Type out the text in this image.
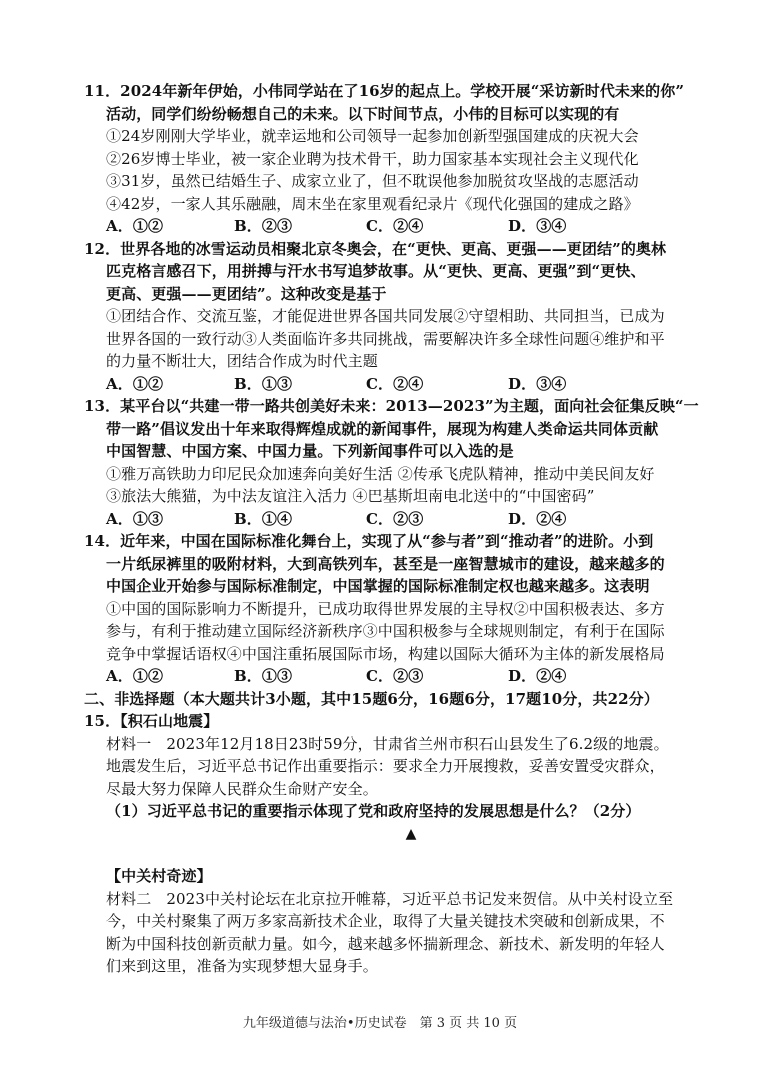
11．2024年新年伊始，小伟同学站在了16岁的起点上。学校开展“采访新时代未来的你”
活动，同学们纷纷畅想自己的未来。以下时间节点，小伟的目标可以实现的有
①24岁刚刚大学毕业，就幸运地和公司领导一起参加创新型强国建成的庆祝大会
②26岁博士毕业，被一家企业聘为技术骨干，助力国家基本实现社会主义现代化
③31岁，虽然已结婚生子、成家立业了，但不耽误他参加脱贫攻坚战的志愿活动
④42岁，一家人其乐融融，周末坐在家里观看纪录片《现代化强国的建成之路》
A．①②	B．②③	C．②④	D．③④
12．世界各地的冰雪运动员相聚北京冬奥会，在“更快、更高、更强——更团结”的奥林
匹克格言感召下，用拼搏与汗水书写追梦故事。从“更快、更高、更强”到“更快、
更高、更强——更团结”。这种改变是基于
①团结合作、交流互鉴，才能促进世界各国共同发展②守望相助、共同担当，已成为
世界各国的一致行动③人类面临许多共同挑战，需要解决许多全球性问题④维护和平
的力量不断壮大，团结合作成为时代主题
A．①②	B．①③	C．②④	D．③④
13．某平台以“共建一带一路共创美好未来：2013—2023”为主题，面向社会征集反映“一
带一路”倡议发出十年来取得辉煌成就的新闻事件，展现为构建人类命运共同体贡献
中国智慧、中国方案、中国力量。下列新闻事件可以入选的是
①雅万高铁助力印尼民众加速奔向美好生活 ②传承飞虎队精神，推动中美民间友好
③旅法大熊猫，为中法友谊注入活力 ④巴基斯坦南电北送中的“中国密码”
A．①③	B．①④	C．②③	D．②④
14．近年来，中国在国际标准化舞台上，实现了从“参与者”到“推动者”的进阶。小到
一片纸尿裤里的吸附材料，大到高铁列车，甚至是一座智慧城市的建设，越来越多的
中国企业开始参与国际标准制定，中国掌握的国际标准制定权也越来越多。这表明
①中国的国际影响力不断提升，已成功取得世界发展的主导权②中国积极表达、多方
参与，有利于推动建立国际经济新秩序③中国积极参与全球规则制定，有利于在国际
竞争中掌握话语权④中国注重拓展国际市场，构建以国际大循环为主体的新发展格局
A．①②	B．①③	C．②③	D．②④
二、非选择题（本大题共计3小题，其中15题6分，16题6分，17题10分，共22分）
15．【积石山地震】
材料一　2023年12月18日23时59分，甘肃省兰州市积石山县发生了6.2级的地震。
地震发生后，习近平总书记作出重要指示：要求全力开展搜救，妥善安置受灾群众，
尽最大努力保障人民群众生命财产安全。
（1）习近平总书记的重要指示体现了党和政府坚持的发展思想是什么？（2分）
▲
【中关村奇迹】
材料二　2023中关村论坛在北京拉开帷幕，习近平总书记发来贺信。从中关村设立至
今，中关村聚集了两万多家高新技术企业，取得了大量关键技术突破和创新成果，不
断为中国科技创新贡献力量。如今，越来越多怀揣新理念、新技术、新发明的年轻人
们来到这里，准备为实现梦想大显身手。
九年级道德与法治•历史试卷　第 3 页 共 10 页
